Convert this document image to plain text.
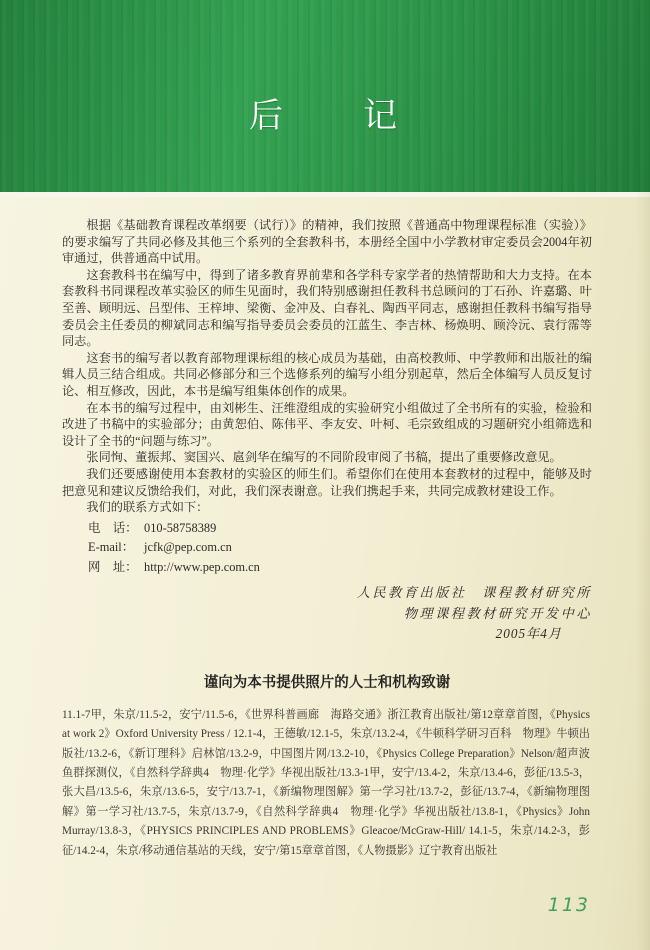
后　　记

根据《基础教育课程改革纲要（试行）》的精神，我们按照《普通高中物理课程标准（实验）》的要求编写了共同必修及其他三个系列的全套教科书，本册经全国中小学教材审定委员会2004年初审通过，供普通高中试用。

这套教科书在编写中，得到了诸多教育界前辈和各学科专家学者的热情帮助和大力支持。在本套教科书同课程改革实验区的师生见面时，我们特别感谢担任教科书总顾问的丁石孙、许嘉璐、叶至善、顾明远、吕型伟、王梓坤、梁衡、金冲及、白春礼、陶西平同志，感谢担任教科书编写指导委员会主任委员的柳斌同志和编写指导委员会委员的江蓝生、李吉林、杨焕明、顾泠沅、袁行霈等同志。

这套书的编写者以教育部物理课标组的核心成员为基础，由高校教师、中学教师和出版社的编辑人员三结合组成。共同必修部分和三个选修系列的编写小组分别起草，然后全体编写人员反复讨论、相互修改，因此，本书是编写组集体创作的成果。

在本书的编写过程中，由刘彬生、汪维澄组成的实验研究小组做过了全书所有的实验，检验和改进了书稿中的实验部分；由黄恕伯、陈伟平、李友安、叶柯、毛宗致组成的习题研究小组筛选和设计了全书的“问题与练习”。

张同恂、董振邦、窦国兴、扈剑华在编写的不同阶段审阅了书稿，提出了重要修改意见。

我们还要感谢使用本套教材的实验区的师生们。希望你们在使用本套教材的过程中，能够及时把意见和建议反馈给我们，对此，我们深表谢意。让我们携起手来，共同完成教材建设工作。

我们的联系方式如下：

电　话： 010-58758389
E-mail： jcfk@pep.com.cn
网　址： http://www.pep.com.cn
人民教育出版社　课程教材研究所
物理课程教材研究开发中心
2005年4月
谨向为本书提供照片的人士和机构致谢

11.1-7甲，朱京/11.5-2，安宁/11.5-6，《世界科普画廊　海路交通》浙江教育出版社/第12章章首图，《Physics at work 2》Oxford University Press / 12.1-4，王德敏/12.1-5，朱京/13.2-4，《牛顿科学研习百科　物理》牛顿出版社/13.2-6，《新订理科》启林馆/13.2-9，中国图片网/13.2-10，《Physics College Preparation》Nelson/超声波鱼群探测仪，《自然科学辞典4　物理·化学》华视出版社/13.3-1甲，安宁/13.4-2，朱京/13.4-6，彭征/13.5-3，张大昌/13.5-6，朱京/13.6-5，安宁/13.7-1，《新编物理图解》第一学习社/13.7-2，彭征/13.7-4，《新编物理图解》第一学习社/13.7-5，朱京/13.7-9，《自然科学辞典4　物理·化学》华视出版社/13.8-1，《Physics》John Murray/13.8-3，《PHYSICS PRINCIPLES AND PROBLEMS》Gleacoe/McGraw-Hill/ 14.1-5，朱京/14.2-3，彭征/14.2-4，朱京/移动通信基站的天线，安宁/第15章章首图，《人物摄影》辽宁教育出版社

113
